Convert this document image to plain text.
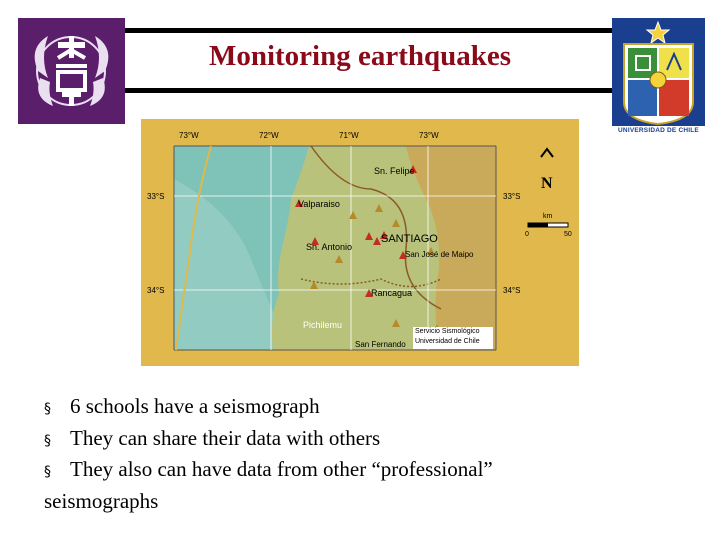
Monitoring earthquakes
UNIVERSIDAD DE CHILE
73°W	72°W	71°W	73°W
33°S	33°S
34°S	34°S
Sn. Felipe
Valparaiso
SANTIAGO
Sn. Antonio
San José de Maipo
Rancagua
Pichilemu
San Fernando
N
km
0	50
Servicio Sismológico
Universidad de Chile
§ 6 schools have a seismograph
§ They can share their data with others
§ They also can have data from other “professional”
seismographs
